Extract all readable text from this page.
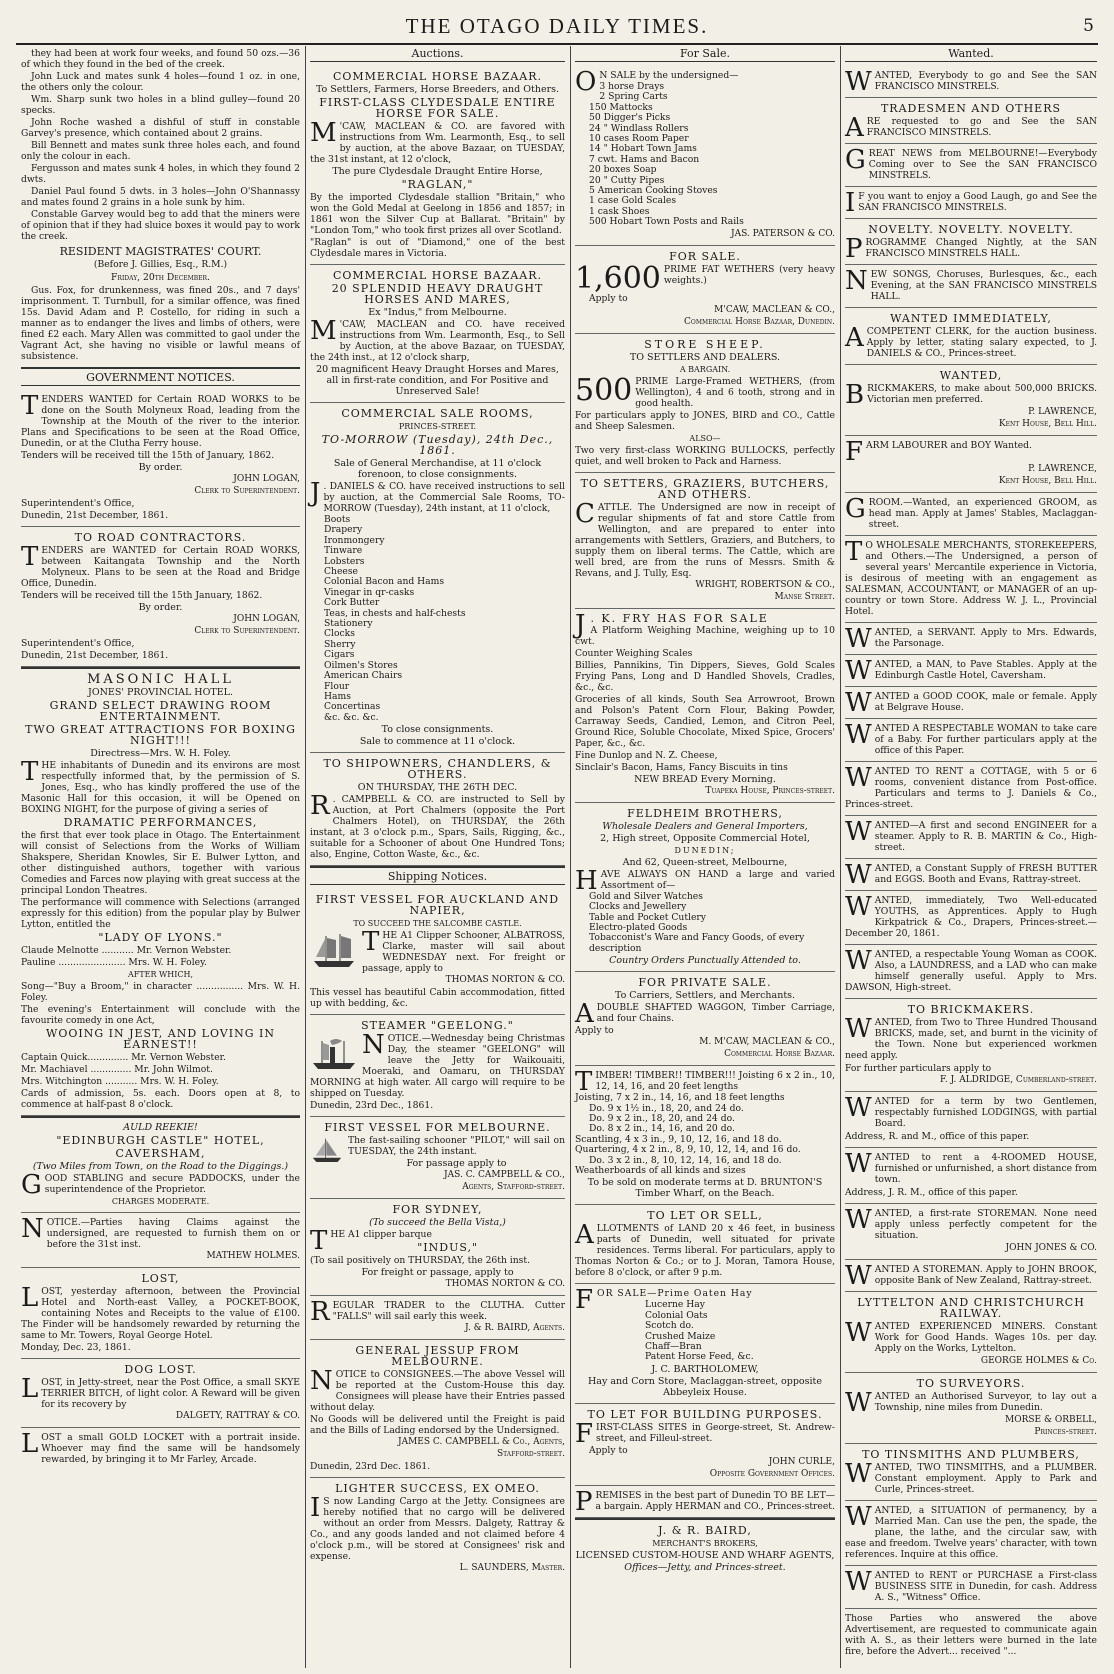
THE OTAGO DAILY TIMES.	5

they had been at work four weeks, and found 50 ozs.—36 of which they found in the bed of the creek.

John Luck and mates sunk 4 holes—found 1 oz. in one, the others only the colour.

Wm. Sharp sunk two holes in a blind gulley—found 20 specks.

John Roche washed a dishful of stuff in constable Garvey's presence, which contained about 2 grains.

Bill Bennett and mates sunk three holes each, and found only the colour in each.

Fergusson and mates sunk 4 holes, in which they found 2 dwts.

Daniel Paul found 5 dwts. in 3 holes—John O'Shannassy and mates found 2 grains in a hole sunk by him.

Constable Garvey would beg to add that the miners were of opinion that if they had sluice boxes it would pay to work the creek.

RESIDENT MAGISTRATES' COURT.
(Before J. Gillies, Esq., R.M.)
Friday, 20th December.

Gus. Fox, for drunkenness, was fined 20s., and 7 days' imprisonment. T. Turnbull, for a similar offence, was fined 15s. David Adam and P. Costello, for riding in such a manner as to endanger the lives and limbs of others, were fined £2 each. Mary Allen was committed to gaol under the Vagrant Act, she having no visible or lawful means of subsistence.

GOVERNMENT NOTICES.
TENDERS WANTED for Certain ROAD WORKS to be done on the South Molyneux Road, leading from the Township at the Mouth of the river to the interior. Plans and Specifications to be seen at the Road Office, Dunedin, or at the Clutha Ferry house.
Tenders will be received till the 15th of January, 1862.
By order.
JOHN LOGAN,
Clerk to Superintendent.
Superintendent's Office,
Dunedin, 21st December, 1861.
TO ROAD CONTRACTORS.
TENDERS are WANTED for Certain ROAD WORKS, between Kaitangata Township and the North Molyneux. Plans to be seen at the Road and Bridge Office, Dunedin.
Tenders will be received till the 15th January, 1862.
By order.
JOHN LOGAN,
Clerk to Superintendent.
Superintendent's Office,
Dunedin, 21st December, 1861.
MASONIC HALL
JONES' PROVINCIAL HOTEL.
GRAND SELECT DRAWING ROOM ENTERTAINMENT.
TWO GREAT ATTRACTIONS FOR BOXING NIGHT!!!
Directress—Mrs. W. H. Foley.
THE inhabitants of Dunedin and its environs are most respectfully informed that, by the permission of S. Jones, Esq., who has kindly proffered the use of the Masonic Hall for this occasion, it will be Opened on BOXING NIGHT, for the purpose of giving a series of
DRAMATIC PERFORMANCES,
the first that ever took place in Otago. The Entertainment will consist of Selections from the Works of William Shakspere, Sheridan Knowles, Sir E. Bulwer Lytton, and other distinguished authors, together with various Comedies and Farces now playing with great success at the principal London Theatres.
The performance will commence with Selections (arranged expressly for this edition) from the popular play by Bulwer Lytton, entitled the
"LADY OF LYONS."
Claude Melnotte ........... Mr. Vernon Webster.
Pauline ....................... Mrs. W. H. Foley.
AFTER WHICH,
Song—"Buy a Broom," in character ................ Mrs. W. H. Foley.
The evening's Entertainment will conclude with the favourite comedy in one Act,
WOOING IN JEST, AND LOVING IN EARNEST!!
Captain Quick.............. Mr. Vernon Webster.
Mr. Machiavel .............. Mr. John Wilmot.
Mrs. Witchington ........... Mrs. W. H. Foley.
Cards of admission, 5s. each. Doors open at 8, to commence at half-past 8 o'clock.
AULD REEKIE!
"EDINBURGH CASTLE" HOTEL,
CAVERSHAM,
(Two Miles from Town, on the Road to the Diggings.)
GOOD STABLING and secure PADDOCKS, under the superintendence of the Proprietor.
CHARGES MODERATE.
NOTICE.—Parties having Claims against the undersigned, are requested to furnish them on or before the 31st inst.
MATHEW HOLMES.
LOST,
LOST, yesterday afternoon, between the Provincial Hotel and North-east Valley, a POCKET-BOOK, containing Notes and Receipts to the value of £100. The Finder will be handsomely rewarded by returning the same to Mr. Towers, Royal George Hotel.
Monday, Dec. 23, 1861.
DOG LOST.
LOST, in Jetty-street, near the Post Office, a small SKYE TERRIER BITCH, of light color. A Reward will be given for its recovery by
DALGETY, RATTRAY & CO.
LOST a small GOLD LOCKET with a portrait inside. Whoever may find the same will be handsomely rewarded, by bringing it to Mr Farley, Arcade.
Auctions.
COMMERCIAL HORSE BAZAAR.
To Settlers, Farmers, Horse Breeders, and Others.
FIRST-CLASS CLYDESDALE ENTIRE HORSE FOR SALE.
M 'CAW, MACLEAN & CO. are favored with instructions from Wm. Learmonth, Esq., to sell by auction, at the above Bazaar, on TUESDAY, the 31st instant, at 12 o'clock,
The pure Clydesdale Draught Entire Horse,
"RAGLAN,"
By the imported Clydesdale stallion "Britain," who won the Gold Medal at Geelong in 1856 and 1857; in 1861 won the Silver Cup at Ballarat. "Britain" by "London Tom," who took first prizes all over Scotland.
"Raglan" is out of "Diamond," one of the best Clydesdale mares in Victoria.
COMMERCIAL HORSE BAZAAR.
20 SPLENDID HEAVY DRAUGHT HORSES AND MARES,
Ex "Indus," from Melbourne.
M 'CAW, MACLEAN and CO. have received instructions from Wm. Learmonth, Esq., to Sell by Auction, at the above Bazaar, on TUESDAY, the 24th inst., at 12 o'clock sharp,
20 magnificent Heavy Draught Horses and Mares, all in first-rate condition, and For Positive and Unreserved Sale!
COMMERCIAL SALE ROOMS,
PRINCES-STREET.
TO-MORROW (Tuesday), 24th Dec., 1861.
Sale of General Merchandise, at 11 o'clock forenoon, to close consignments.
J . DANIELS & CO. have received instructions to sell by auction, at the Commercial Sale Rooms, TO-MORROW (Tuesday), 24th instant, at 11 o'clock,
Boots
Drapery
Ironmongery
Tinware
Lobsters
Cheese
Colonial Bacon and Hams
Vinegar in qr-casks
Cork Butter
Teas, in chests and half-chests
Stationery
Clocks
Sherry
Cigars
Oilmen's Stores
American Chairs
Flour
Hams
Concertinas
&c. &c. &c.
To close consignments.
Sale to commence at 11 o'clock.
TO SHIPOWNERS, CHANDLERS, & OTHERS.
ON THURSDAY, THE 26TH DEC.
R . CAMPBELL & CO. are instructed to Sell by Auction, at Port Chalmers (opposite the Port Chalmers Hotel), on THURSDAY, the 26th instant, at 3 o'clock p.m., Spars, Sails, Rigging, &c., suitable for a Schooner of about One Hundred Tons; also, Engine, Cotton Waste, &c., &c.
Shipping Notices.
FIRST VESSEL FOR AUCKLAND AND NAPIER,
TO SUCCEED THE SALCOMBE CASTLE.
THE A1 Clipper Schooner, ALBATROSS, Clarke, master will sail about WEDNESDAY next. For freight or passage, apply to
THOMAS NORTON & CO.
This vessel has beautiful Cabin accommodation, fitted up with bedding, &c.
STEAMER "GEELONG."
NOTICE.—Wednesday being Christmas Day, the steamer "GEELONG" will leave the Jetty for Waikouaiti, Moeraki, and Oamaru, on THURSDAY MORNING at high water. All cargo will require to be shipped on Tuesday.
Dunedin, 23rd Dec., 1861.
FIRST VESSEL FOR MELBOURNE.
The fast-sailing schooner "PILOT," will sail on TUESDAY, the 24th instant.
For passage apply to
JAS. C. CAMPBELL & CO.,
Agents, Stafford-street.
FOR SYDNEY,
(To succeed the Bella Vista,)
THE A1 clipper barque
"INDUS,"
(To sail positively on THURSDAY, the 26th inst.
For freight or passage, apply to
THOMAS NORTON & CO.
REGULAR TRADER to the CLUTHA. Cutter "FALLS" will sail early this week.
J. & R. BAIRD, Agents.
GENERAL JESSUP FROM MELBOURNE.
NOTICE to CONSIGNEES.—The above Vessel will be reported at the Custom-House this day. Consignees will please have their Entries passed without delay.
No Goods will be delivered until the Freight is paid and the Bills of Lading endorsed by the Undersigned.
JAMES C. CAMPBELL & Co., Agents,
Stafford-street.
Dunedin, 23rd Dec. 1861.
LIGHTER SUCCESS, EX OMEO.
I S now Landing Cargo at the Jetty. Consignees are hereby notified that no cargo will be delivered without an order from Messrs. Dalgety, Rattray & Co., and any goods landed and not claimed before 4 o'clock p.m., will be stored at Consignees' risk and expense.
L. SAUNDERS, Master.
For Sale.
O N SALE by the undersigned—
3 horse Drays
2 Spring Carts
150 Mattocks
50 Digger's Picks
24 " Windlass Rollers
10 cases Room Paper
14 " Hobart Town Jams
7 cwt. Hams and Bacon
20 boxes Soap
20 " Cutty Pipes
5 American Cooking Stoves
1 case Gold Scales
1 cask Shoes
500 Hobart Town Posts and Rails
JAS. PATERSON & CO.
FOR SALE.
1,600 PRIME FAT WETHERS (very heavy weights.)
Apply to
M'CAW, MACLEAN & CO.,
Commercial Horse Bazaar, Dunedin.
STORE SHEEP.
TO SETTLERS AND DEALERS.
A BARGAIN.
500 PRIME Large-Framed WETHERS, (from Wellington), 4 and 6 tooth, strong and in good health.
For particulars apply to JONES, BIRD and CO., Cattle and Sheep Salesmen.
ALSO—
Two very first-class WORKING BULLOCKS, perfectly quiet, and well broken to Pack and Harness.
TO SETTERS, GRAZIERS, BUTCHERS, AND OTHERS.
CATTLE. The Undersigned are now in receipt of regular shipments of fat and store Cattle from Wellington, and are prepared to enter into arrangements with Settlers, Graziers, and Butchers, to supply them on liberal terms. The Cattle, which are well bred, are from the runs of Messrs. Smith & Revans, and J. Tully, Esq.
WRIGHT, ROBERTSON & CO.,
Manse Street.
J . K. FRY HAS FOR SALE
A Platform Weighing Machine, weighing up to 10 cwt.
Counter Weighing Scales
Billies, Pannikins, Tin Dippers, Sieves, Gold Scales Frying Pans, Long and D Handled Shovels, Cradles, &c., &c.
Groceries of all kinds, South Sea Arrowroot, Brown and Polson's Patent Corn Flour, Baking Powder, Carraway Seeds, Candied, Lemon, and Citron Peel, Ground Rice, Soluble Chocolate, Mixed Spice, Grocers' Paper, &c., &c.
Fine Dunlop and N. Z. Cheese,
Sinclair's Bacon, Hams, Fancy Biscuits in tins
NEW BREAD Every Morning.
Tuapeka House, Princes-street.
FELDHEIM BROTHERS,
Wholesale Dealers and General Importers,
2, High street, Opposite Commercial Hotel,
DUNEDIN;
And 62, Queen-street, Melbourne,
HAVE ALWAYS ON HAND a large and varied Assortment of—
Gold and Silver Watches
Clocks and Jewellery
Table and Pocket Cutlery
Electro-plated Goods
Tobacconist's Ware and Fancy Goods, of every description
Country Orders Punctually Attended to.
FOR PRIVATE SALE.
To Carriers, Settlers, and Merchants.
ADOUBLE SHAFTED WAGGON, Timber Carriage, and four Chains.
Apply to
M. M'CAW, MACLEAN & CO.,
Commercial Horse Bazaar.
TIMBER! TIMBER!! TIMBER!!! Joisting 6 x 2 in., 10, 12, 14, 16, and 20 feet lengths
Joisting, 7 x 2 in., 14, 16, and 18 feet lengths
Do. 9 x 1½ in., 18, 20, and 24 do.
Do. 9 x 2 in., 18, 20, and 24 do.
Do. 8 x 2 in., 14, 16, and 20 do.
Scantling, 4 x 3 in., 9, 10, 12, 16, and 18 do.
Quartering, 4 x 2 in., 8, 9, 10, 12, 14, and 16 do.
Do. 3 x 2 in., 8, 10, 12, 14, 16, and 18 do.
Weatherboards of all kinds and sizes
To be sold on moderate terms at D. BRUNTON'S Timber Wharf, on the Beach.
TO LET OR SELL,
ALLOTMENTS of LAND 20 x 46 feet, in business parts of Dunedin, well situated for private residences. Terms liberal. For particulars, apply to Thomas Norton & Co.; or to J. Moran, Tamora House, before 8 o'clock, or after 9 p.m.
FOR SALE—Prime Oaten Hay
Lucerne Hay
Colonial Oats
Scotch do.
Crushed Maize
Chaff—Bran
Patent Horse Feed, &c.
J. C. BARTHOLOMEW,
Hay and Corn Store, Maclaggan-street, opposite Abbeyleix House.
TO LET FOR BUILDING PURPOSES.
FIRST-CLASS SITES in George-street, St. Andrew-street, and Filleul-street.
Apply to
JOHN CURLE,
Opposite Government Offices.
PREMISES in the best part of Dunedin TO BE LET—a bargain. Apply HERMAN and CO., Princes-street.
J. & R. BAIRD,
MERCHANT'S BROKERS,
LICENSED CUSTOM-HOUSE AND WHARF AGENTS,
Offices—Jetty, and Princes-street.
Wanted.
WANTED, Everybody to go and See the SAN FRANCISCO MINSTRELS.
TRADESMEN AND OTHERS
ARE requested to go and See the SAN FRANCISCO MINSTRELS.
GREAT NEWS from MELBOURNE!—Everybody Coming over to See the SAN FRANCISCO MINSTRELS.
I F you want to enjoy a Good Laugh, go and See the SAN FRANCISCO MINSTRELS.
NOVELTY. NOVELTY. NOVELTY.
PROGRAMME Changed Nightly, at the SAN FRANCISCO MINSTRELS HALL.
NEW SONGS, Choruses, Burlesques, &c., each Evening, at the SAN FRANCISCO MINSTRELS HALL.
WANTED IMMEDIATELY,
ACOMPETENT CLERK, for the auction business. Apply by letter, stating salary expected, to J. DANIELS & CO., Princes-street.
WANTED,
BRICKMAKERS, to make about 500,000 BRICKS. Victorian men preferred.
P. LAWRENCE,
Kent House, Bell Hill.
FARM LABOURER and BOY Wanted.
P. LAWRENCE,
Kent House, Bell Hill.
GROOM.—Wanted, an experienced GROOM, as head man. Apply at James' Stables, Maclaggan-street.
T O WHOLESALE MERCHANTS, STOREKEEPERS, and Others.—The Undersigned, a person of several years' Mercantile experience in Victoria, is desirous of meeting with an engagement as SALESMAN, ACCOUNTANT, or MANAGER of an up-country or town Store. Address W. J. L., Provincial Hotel.
WANTED, a SERVANT. Apply to Mrs. Edwards, the Parsonage.
WANTED, a MAN, to Pave Stables. Apply at the Edinburgh Castle Hotel, Caversham.
WANTED a GOOD COOK, male or female. Apply at Belgrave House.
WANTED A RESPECTABLE WOMAN to take care of a Baby. For further particulars apply at the office of this Paper.
WANTED TO RENT a COTTAGE, with 5 or 6 rooms, convenient distance from Post-office. Particulars and terms to J. Daniels & Co., Princes-street.
WANTED—A first and second ENGINEER for a steamer. Apply to R. B. MARTIN & Co., High-street.
WANTED, a Constant Supply of FRESH BUTTER and EGGS. Booth and Evans, Rattray-street.
WANTED, immediately, Two Well-educated YOUTHS, as Apprentices. Apply to Hugh Kirkpatrick & Co., Drapers, Princes-street.—December 20, 1861.
WANTED, a respectable Young Woman as COOK. Also, a LAUNDRESS, and a LAD who can make himself generally useful. Apply to Mrs. DAWSON, High-street.
TO BRICKMAKERS.
WANTED, from Two to Three Hundred Thousand BRICKS, made, set, and burnt in the vicinity of the Town. None but experienced workmen need apply.
For further particulars apply to
F. J. ALDRIDGE, Cumberland-street.
WANTED for a term by two Gentlemen, respectably furnished LODGINGS, with partial Board.
Address, R. and M., office of this paper.
WANTED to rent a 4-ROOMED HOUSE, furnished or unfurnished, a short distance from town.
Address, J. R. M., office of this paper.
WANTED, a first-rate STOREMAN. None need apply unless perfectly competent for the situation.
JOHN JONES & CO.
WANTED A STOREMAN. Apply to JOHN BROOK, opposite Bank of New Zealand, Rattray-street.
LYTTELTON AND CHRISTCHURCH RAILWAY.
WANTED EXPERIENCED MINERS. Constant Work for Good Hands. Wages 10s. per day. Apply on the Works, Lyttelton.
GEORGE HOLMES & Co.
TO SURVEYORS.
WANTED an Authorised Surveyor, to lay out a Township, nine miles from Dunedin.
MORSE & ORBELL,
Princes-street.
TO TINSMITHS AND PLUMBERS,
WANTED, TWO TINSMITHS, and a PLUMBER. Constant employment. Apply to Park and Curle, Princes-street.
WANTED, a SITUATION of permanency, by a Married Man. Can use the pen, the spade, the plane, the lathe, and the circular saw, with ease and freedom. Twelve years' character, with town references. Inquire at this office.
WANTED to RENT or PURCHASE a First-class BUSINESS SITE in Dunedin, for cash. Address A. S., "Witness" Office.
Those Parties who answered the above Advertisement, are requested to communicate again with A. S., as their letters were burned in the late fire, before the Advert... received "...
